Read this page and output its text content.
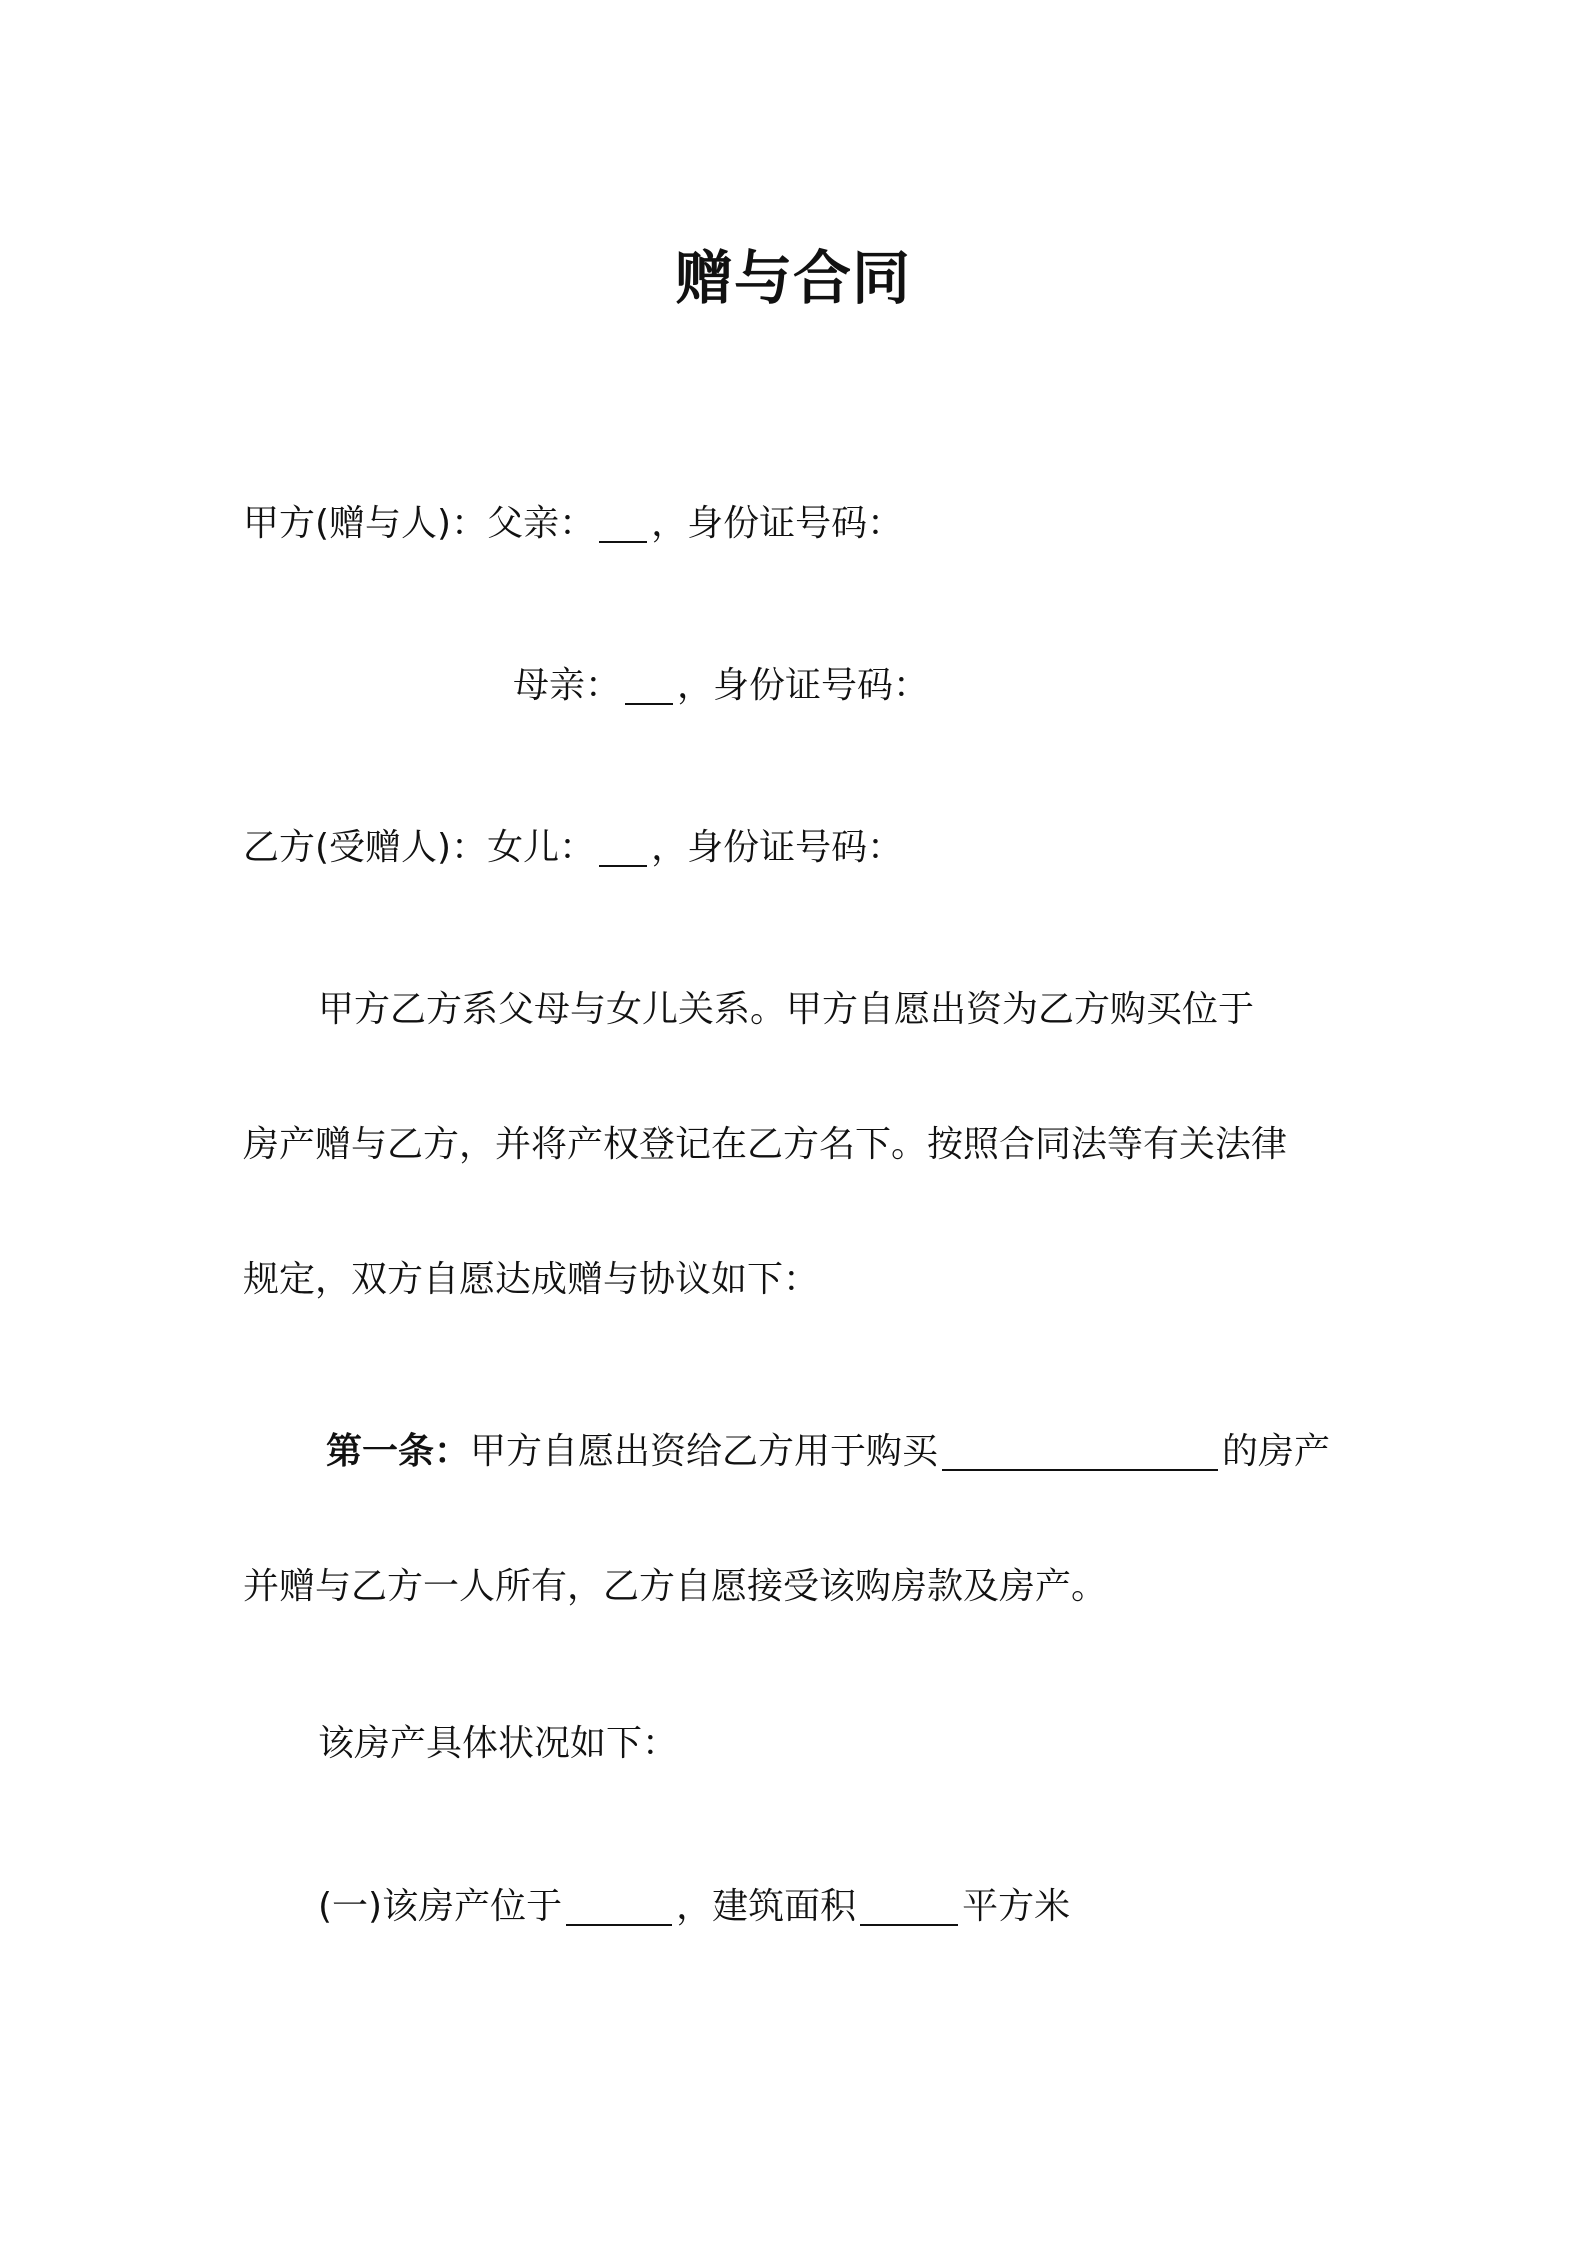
赠与合同
甲方(赠与人)：父亲： ，身份证号码：
母亲： ，身份证号码：
乙方(受赠人)：女儿： ，身份证号码：
甲方乙方系父母与女儿关系。甲方自愿出资为乙方购买位于
房产赠与乙方，并将产权登记在乙方名下。按照合同法等有关法律
规定，双方自愿达成赠与协议如下：
第一条：甲方自愿出资给乙方用于购买	的房产
并赠与乙方一人所有，乙方自愿接受该购房款及房产。
该房产具体状况如下：
(一)该房产位于	，建筑面积	平方米
